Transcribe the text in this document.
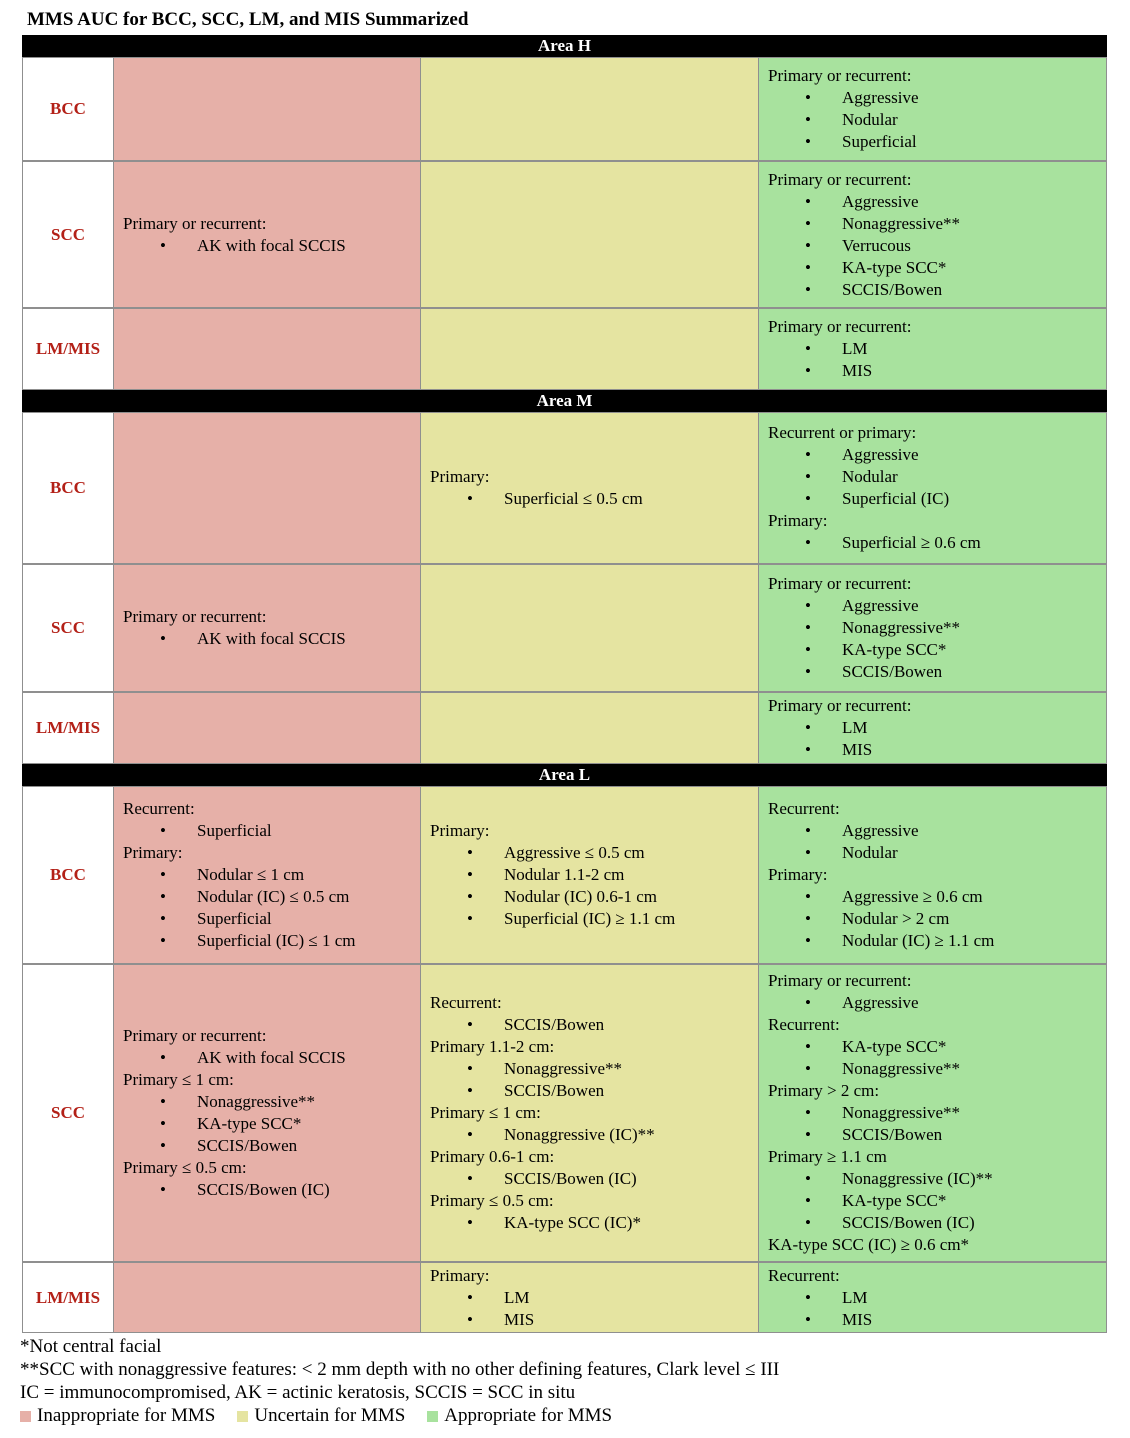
MMS AUC for BCC, SCC, LM, and MIS Summarized
Area H
BCC
Primary or recurrent:
• Aggressive
• Nodular
• Superficial
SCC
Primary or recurrent:
• AK with focal SCCIS
Primary or recurrent:
• Aggressive
• Nonaggressive**
• Verrucous
• KA-type SCC*
• SCCIS/Bowen
LM/MIS
Primary or recurrent:
• LM
• MIS
Area M
BCC
Primary:
• Superficial ≤ 0.5 cm
Recurrent or primary:
• Aggressive
• Nodular
• Superficial (IC)
Primary:
• Superficial ≥ 0.6 cm
SCC
Primary or recurrent:
• AK with focal SCCIS
Primary or recurrent:
• Aggressive
• Nonaggressive**
• KA-type SCC*
• SCCIS/Bowen
LM/MIS
Primary or recurrent:
• LM
• MIS
Area L
BCC
Recurrent:
• Superficial
Primary:
• Nodular ≤ 1 cm
• Nodular (IC) ≤ 0.5 cm
• Superficial
• Superficial (IC) ≤ 1 cm
Primary:
• Aggressive ≤ 0.5 cm
• Nodular 1.1-2 cm
• Nodular (IC) 0.6-1 cm
• Superficial (IC) ≥ 1.1 cm
Recurrent:
• Aggressive
• Nodular
Primary:
• Aggressive ≥ 0.6 cm
• Nodular > 2 cm
• Nodular (IC) ≥ 1.1 cm
SCC
Primary or recurrent:
• AK with focal SCCIS
Primary ≤ 1 cm:
• Nonaggressive**
• KA-type SCC*
• SCCIS/Bowen
Primary ≤ 0.5 cm:
• SCCIS/Bowen (IC)
Recurrent:
• SCCIS/Bowen
Primary 1.1-2 cm:
• Nonaggressive**
• SCCIS/Bowen
Primary ≤ 1 cm:
• Nonaggressive (IC)**
Primary 0.6-1 cm:
• SCCIS/Bowen (IC)
Primary ≤ 0.5 cm:
• KA-type SCC (IC)*
Primary or recurrent:
• Aggressive
Recurrent:
• KA-type SCC*
• Nonaggressive**
Primary > 2 cm:
• Nonaggressive**
• SCCIS/Bowen
Primary ≥ 1.1 cm
• Nonaggressive (IC)**
• KA-type SCC*
• SCCIS/Bowen (IC)
KA-type SCC (IC) ≥ 0.6 cm*
LM/MIS
Primary:
• LM
• MIS
Recurrent:
• LM
• MIS
*Not central facial
**SCC with nonaggressive features: < 2 mm depth with no other defining features, Clark level ≤ III
IC = immunocompromised, AK = actinic keratosis, SCCIS = SCC in situ
Inappropriate for MMS Uncertain for MMS Appropriate for MMS
